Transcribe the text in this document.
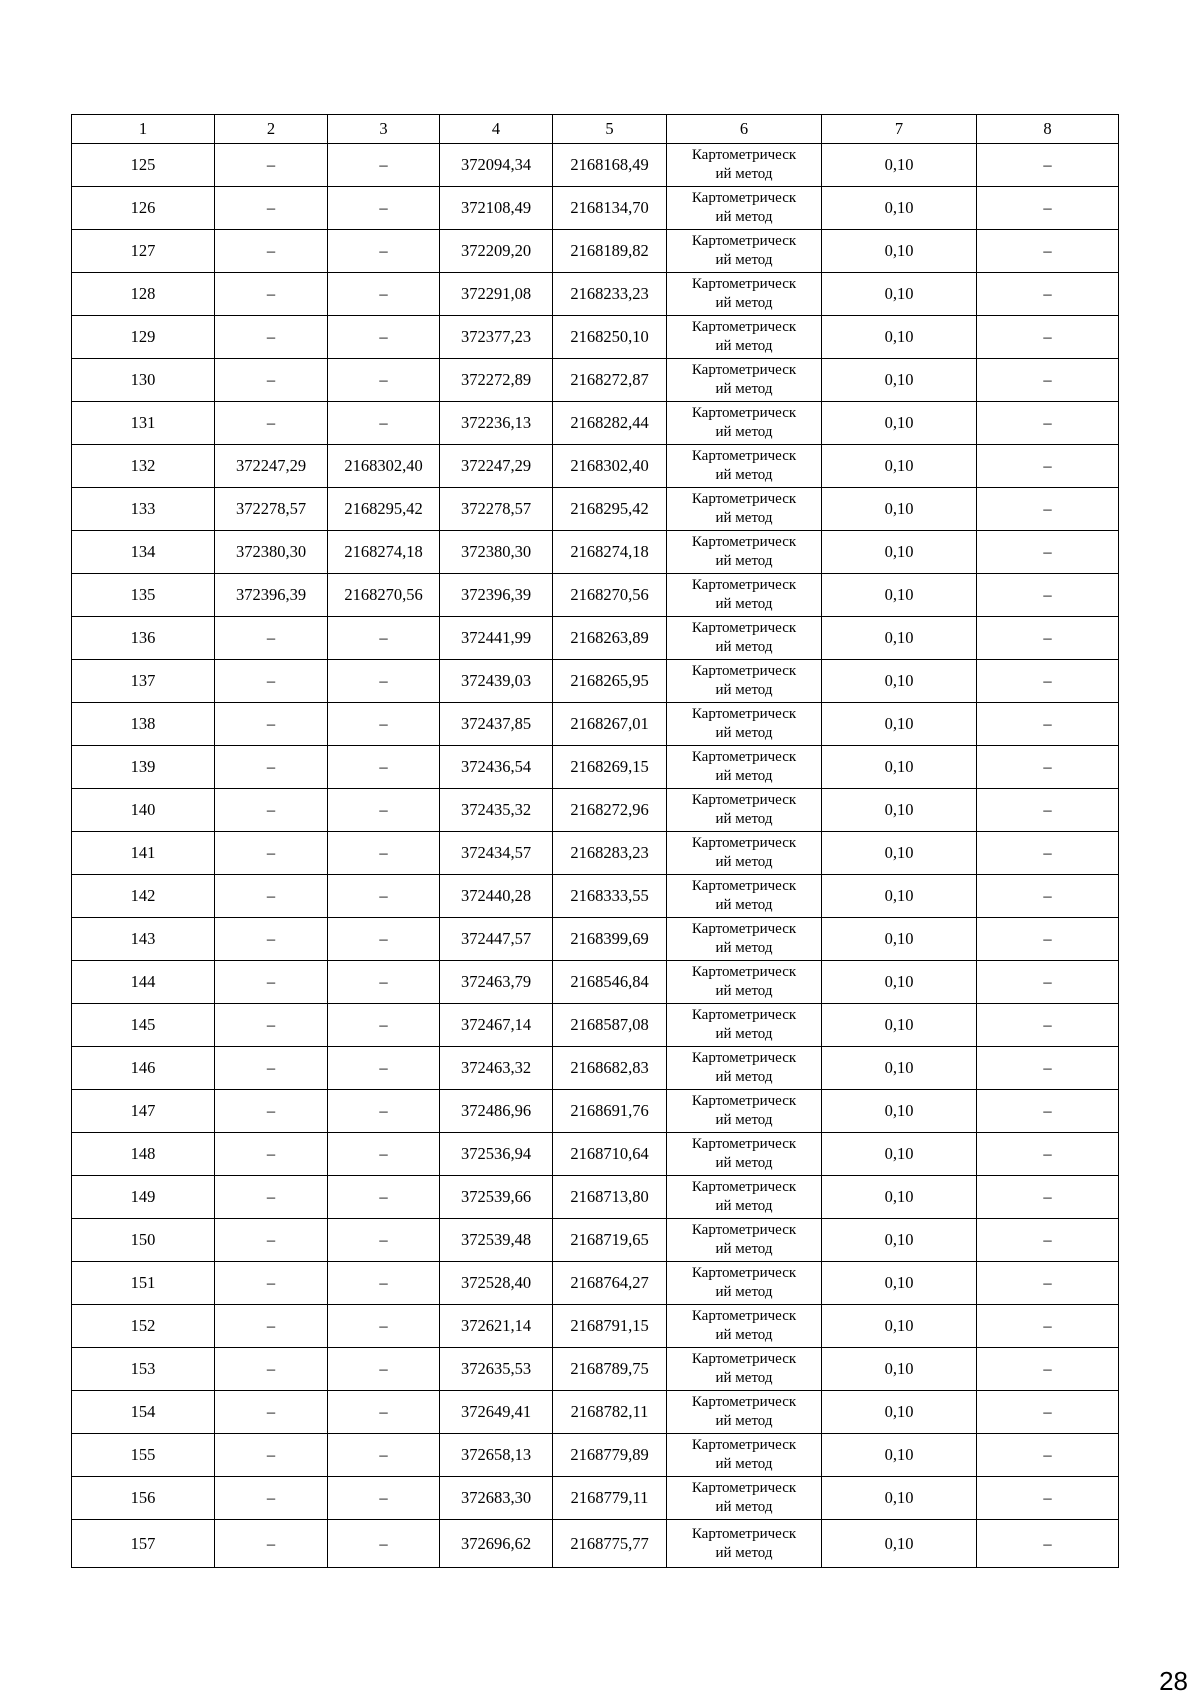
1	2	3	4	5	6	7	8
125	–	–	372094,34	2168168,49	Картометрическ
ий метод	0,10	–
126	–	–	372108,49	2168134,70	Картометрическ
ий метод	0,10	–
127	–	–	372209,20	2168189,82	Картометрическ
ий метод	0,10	–
128	–	–	372291,08	2168233,23	Картометрическ
ий метод	0,10	–
129	–	–	372377,23	2168250,10	Картометрическ
ий метод	0,10	–
130	–	–	372272,89	2168272,87	Картометрическ
ий метод	0,10	–
131	–	–	372236,13	2168282,44	Картометрическ
ий метод	0,10	–
132	372247,29	2168302,40	372247,29	2168302,40	Картометрическ
ий метод	0,10	–
133	372278,57	2168295,42	372278,57	2168295,42	Картометрическ
ий метод	0,10	–
134	372380,30	2168274,18	372380,30	2168274,18	Картометрическ
ий метод	0,10	–
135	372396,39	2168270,56	372396,39	2168270,56	Картометрическ
ий метод	0,10	–
136	–	–	372441,99	2168263,89	Картометрическ
ий метод	0,10	–
137	–	–	372439,03	2168265,95	Картометрическ
ий метод	0,10	–
138	–	–	372437,85	2168267,01	Картометрическ
ий метод	0,10	–
139	–	–	372436,54	2168269,15	Картометрическ
ий метод	0,10	–
140	–	–	372435,32	2168272,96	Картометрическ
ий метод	0,10	–
141	–	–	372434,57	2168283,23	Картометрическ
ий метод	0,10	–
142	–	–	372440,28	2168333,55	Картометрическ
ий метод	0,10	–
143	–	–	372447,57	2168399,69	Картометрическ
ий метод	0,10	–
144	–	–	372463,79	2168546,84	Картометрическ
ий метод	0,10	–
145	–	–	372467,14	2168587,08	Картометрическ
ий метод	0,10	–
146	–	–	372463,32	2168682,83	Картометрическ
ий метод	0,10	–
147	–	–	372486,96	2168691,76	Картометрическ
ий метод	0,10	–
148	–	–	372536,94	2168710,64	Картометрическ
ий метод	0,10	–
149	–	–	372539,66	2168713,80	Картометрическ
ий метод	0,10	–
150	–	–	372539,48	2168719,65	Картометрическ
ий метод	0,10	–
151	–	–	372528,40	2168764,27	Картометрическ
ий метод	0,10	–
152	–	–	372621,14	2168791,15	Картометрическ
ий метод	0,10	–
153	–	–	372635,53	2168789,75	Картометрическ
ий метод	0,10	–
154	–	–	372649,41	2168782,11	Картометрическ
ий метод	0,10	–
155	–	–	372658,13	2168779,89	Картометрическ
ий метод	0,10	–
156	–	–	372683,30	2168779,11	Картометрическ
ий метод	0,10	–
157	–	–	372696,62	2168775,77	Картометрическ
ий метод	0,10	–
28
